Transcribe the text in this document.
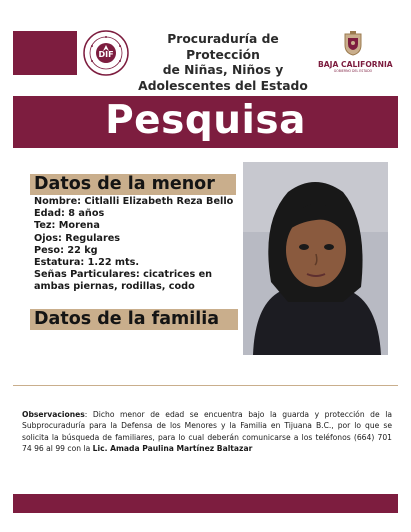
DIF
Procuraduría de Protección
de Niñas, Niños y
Adolescentes del Estado
BAJA CALIFORNIA
GOBIERNO DEL ESTADO
Pesquisa
Datos de la menor
Nombre: Citlalli Elizabeth Reza Bello
Edad: 8 años
Tez: Morena
Ojos: Regulares
Peso: 22 kg
Estatura: 1.22 mts.
Señas Particulares: cicatrices en ambas piernas, rodillas, codo
Datos de la familia
Observaciones: Dicho menor de edad se encuentra bajo la guarda y protección de la Subprocuraduría para la Defensa de los Menores y la Familia en Tijuana B.C., por lo que se solicita la búsqueda de familiares, para lo cual deberán comunicarse a los teléfonos (664) 701 74 96 al 99 con la Lic. Amada Paulina Martínez Baltazar
